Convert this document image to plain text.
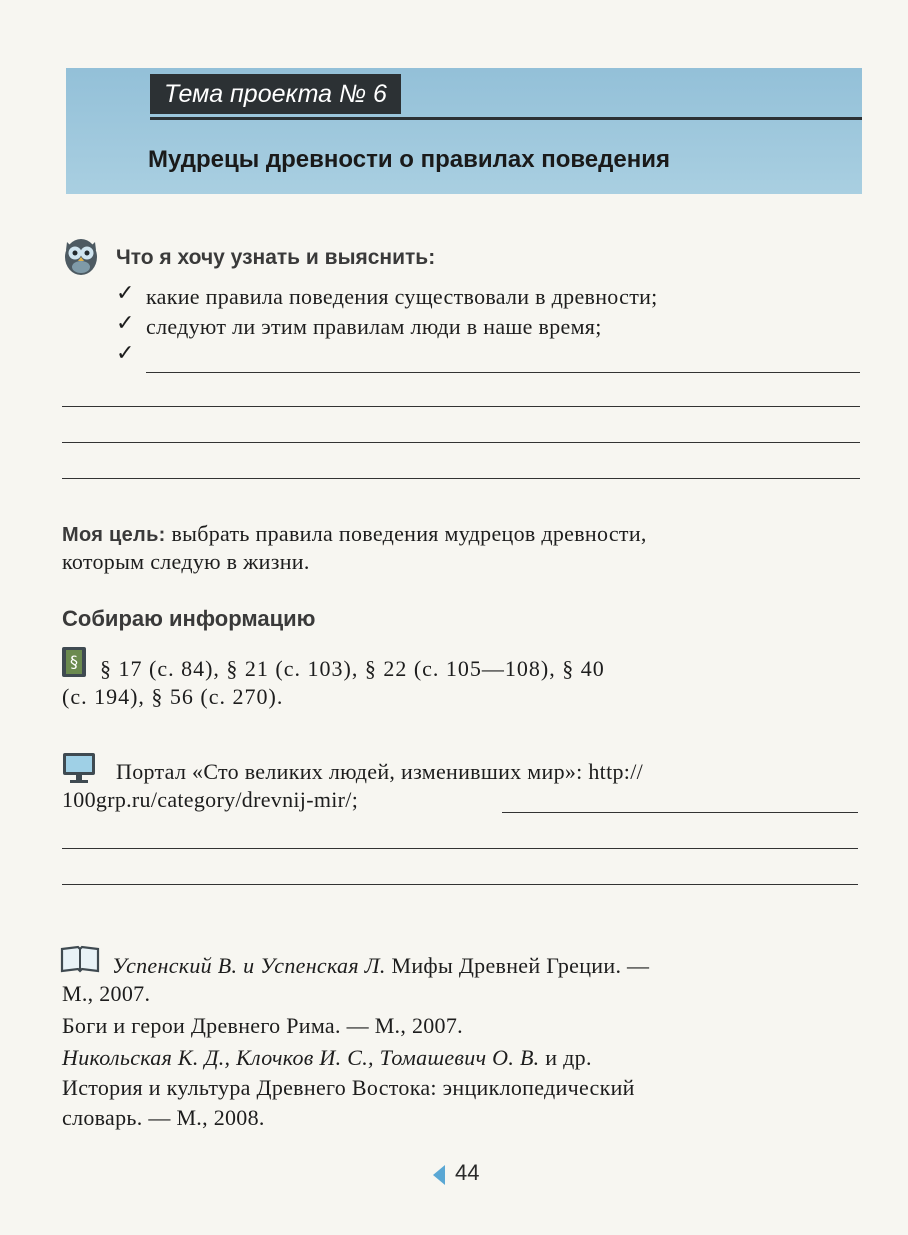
Тема проекта № 6
Мудрецы древности о правилах поведения
Что я хочу узнать и выяснить:
✓ какие правила поведения существовали в древности;
✓ следуют ли этим правилам люди в наше время;
✓
Моя цель: выбрать правила поведения мудрецов древности,
которым следую в жизни.
Собираю информацию
§ § 17 (с. 84), § 21 (с. 103), § 22 (с. 105—108), § 40
(с. 194), § 56 (с. 270).
Портал «Сто великих людей, изменивших мир»: http://
100grp.ru/category/drevnij-mir/;
Успенский В. и Успенская Л. Мифы Древней Греции. —
М., 2007.
Боги и герои Древнего Рима. — М., 2007.
Никольская К. Д., Клочков И. С., Томашевич О. В. и др.
История и культура Древнего Востока: энциклопедический
словарь. — М., 2008.
44
